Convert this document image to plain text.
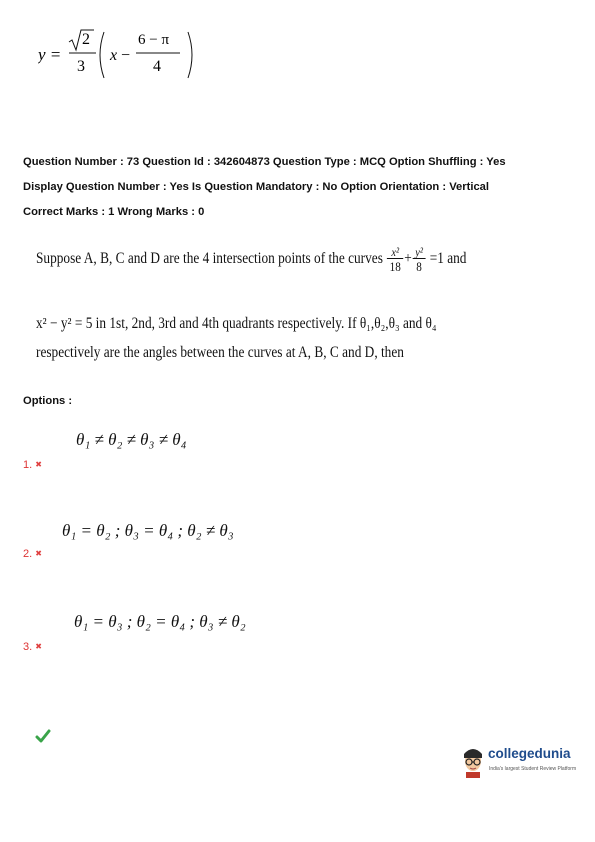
y =
2
3
x −
6 − π
4
Question Number : 73 Question Id : 342604873 Question Type : MCQ Option Shuffling : Yes
Display Question Number : Yes Is Question Mandatory : No Option Orientation : Vertical
Correct Marks : 1 Wrong Marks : 0
Suppose A, B, C and D are the 4 intersection points of the curves $\frac{\text{x²}}{18} + \frac{\text{y²}}{8} =1$ and
x² − y² = 5 in 1st, 2nd, 3rd and 4th quadrants respectively. If θ₁,θ₂,θ₃ and θ₄
respectively are the angles between the curves at A, B, C and D, then
Options :
θ₁ ≠ θ₂ ≠ θ₃ ≠ θ₄
1. ✖
θ₁ = θ₂ ; θ₃ = θ₄ ; θ₂ ≠ θ₃
2. ✖
θ₁ = θ₃ ; θ₂ = θ₄ ; θ₃ ≠ θ₂
3. ✖
collegedunia
India's largest Student Review Platform
